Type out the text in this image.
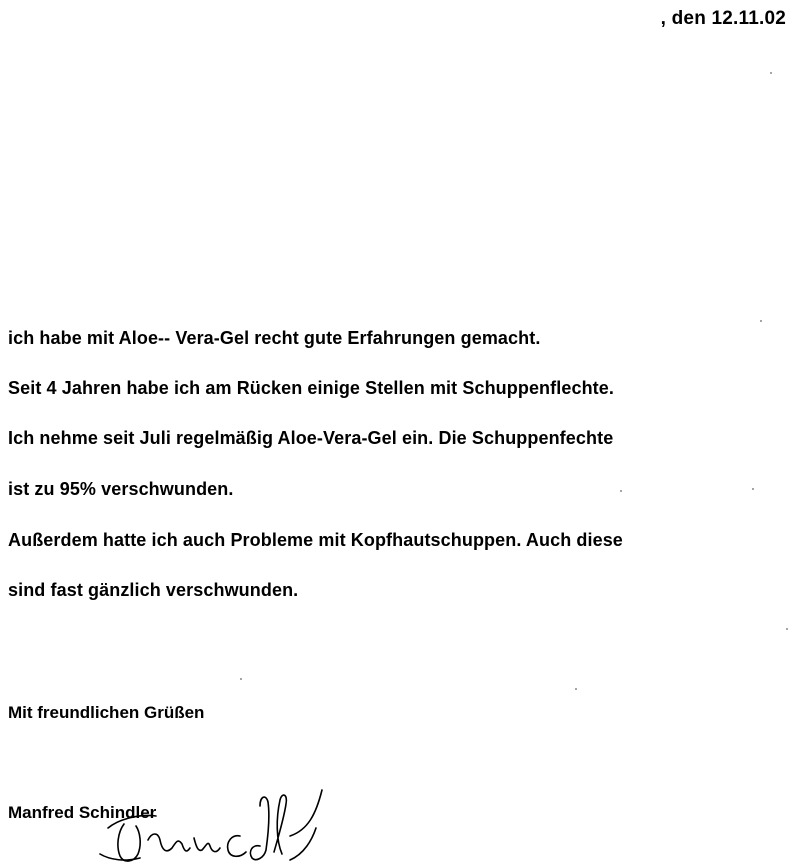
, den 12.11.02
ich habe mit Aloe-- Vera-Gel recht gute Erfahrungen gemacht.
Seit 4 Jahren habe ich am Rücken einige Stellen mit Schuppenflechte.
Ich nehme seit Juli regelmäßig Aloe-Vera-Gel ein. Die Schuppenfechte
ist zu 95% verschwunden.
Außerdem hatte ich auch Probleme mit Kopfhautschuppen. Auch diese
sind fast gänzlich verschwunden.
Mit freundlichen Grüßen
Manfred Schindler
